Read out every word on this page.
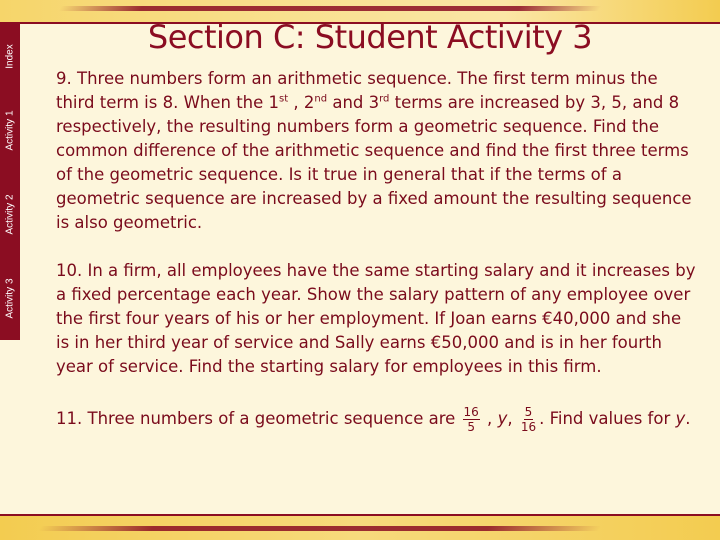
Index
Activity 1
Activity 2
Activity 3
Section C: Student Activity 3

9. Three numbers form an arithmetic sequence. The first term minus the third term is 8. When the 1st , 2nd and 3rd terms are increased by 3, 5, and 8 respectively, the resulting numbers form a geometric sequence. Find the common difference of the arithmetic sequence and find the first three terms of the geometric sequence. Is it true in general that if the terms of a geometric sequence are increased by a fixed amount the resulting sequence is also geometric.

10. In a firm, all employees have the same starting salary and it increases by a fixed percentage each year. Show the salary pattern of any employee over the first four years of his or her employment. If Joan earns €40,000 and she is in her third year of service and Sally earns €50,000 and is in her fourth year of service. Find the starting salary for employees in this firm.

11. Three numbers of a geometric sequence are $\frac{16}{5}$ , y, $\frac{5}{16}$ . Find values for y.
